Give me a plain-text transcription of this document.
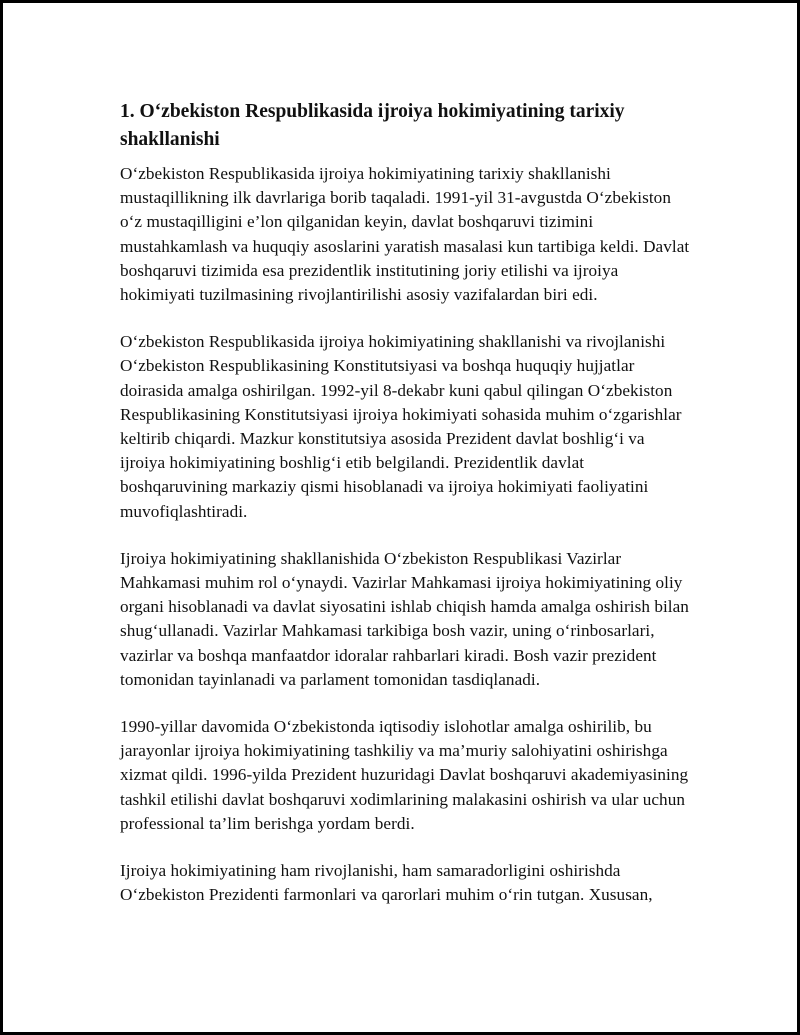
1. O‘zbekiston Respublikasida ijroiya hokimiyatining tarixiy shakllanishi

O‘zbekiston Respublikasida ijroiya hokimiyatining tarixiy shakllanishi mustaqillikning ilk davrlariga borib taqaladi. 1991-yil 31-avgustda O‘zbekiston o‘z mustaqilligini e’lon qilganidan keyin, davlat boshqaruvi tizimini mustahkamlash va huquqiy asoslarini yaratish masalasi kun tartibiga keldi. Davlat boshqaruvi tizimida esa prezidentlik institutining joriy etilishi va ijroiya hokimiyati tuzilmasining rivojlantirilishi asosiy vazifalardan biri edi.

O‘zbekiston Respublikasida ijroiya hokimiyatining shakllanishi va rivojlanishi O‘zbekiston Respublikasining Konstitutsiyasi va boshqa huquqiy hujjatlar doirasida amalga oshirilgan. 1992-yil 8-dekabr kuni qabul qilingan O‘zbekiston Respublikasining Konstitutsiyasi ijroiya hokimiyati sohasida muhim o‘zgarishlar keltirib chiqardi. Mazkur konstitutsiya asosida Prezident davlat boshlig‘i va ijroiya hokimiyatining boshlig‘i etib belgilandi. Prezidentlik davlat boshqaruvining markaziy qismi hisoblanadi va ijroiya hokimiyati faoliyatini muvofiqlashtiradi.

Ijroiya hokimiyatining shakllanishida O‘zbekiston Respublikasi Vazirlar Mahkamasi muhim rol o‘ynaydi. Vazirlar Mahkamasi ijroiya hokimiyatining oliy organi hisoblanadi va davlat siyosatini ishlab chiqish hamda amalga oshirish bilan shug‘ullanadi. Vazirlar Mahkamasi tarkibiga bosh vazir, uning o‘rinbosarlari, vazirlar va boshqa manfaatdor idoralar rahbarlari kiradi. Bosh vazir prezident tomonidan tayinlanadi va parlament tomonidan tasdiqlanadi.

1990-yillar davomida O‘zbekistonda iqtisodiy islohotlar amalga oshirilib, bu jarayonlar ijroiya hokimiyatining tashkiliy va ma’muriy salohiyatini oshirishga xizmat qildi. 1996-yilda Prezident huzuridagi Davlat boshqaruvi akademiyasining tashkil etilishi davlat boshqaruvi xodimlarining malakasini oshirish va ular uchun professional ta’lim berishga yordam berdi.

Ijroiya hokimiyatining ham rivojlanishi, ham samaradorligini oshirishda O‘zbekiston Prezidenti farmonlari va qarorlari muhim o‘rin tutgan. Xususan,
